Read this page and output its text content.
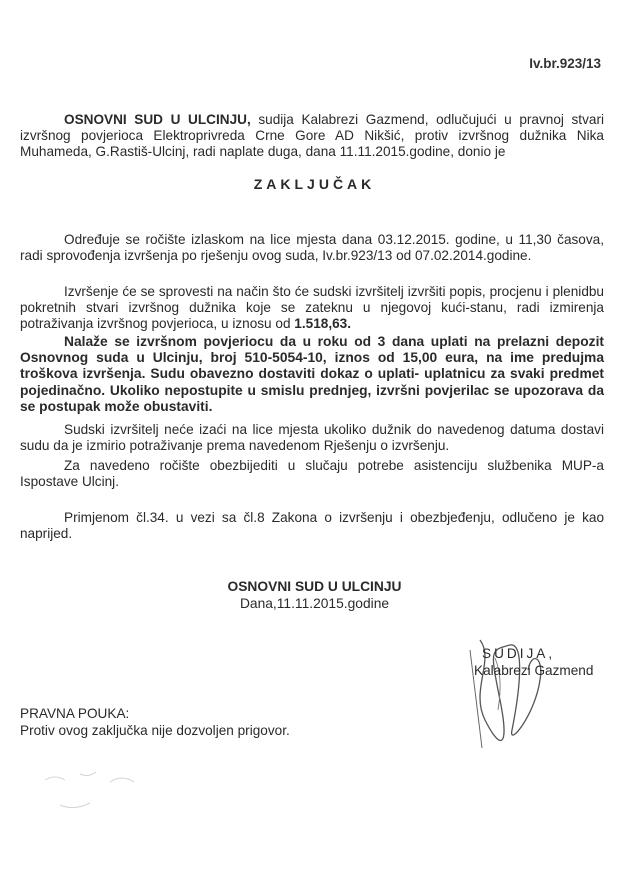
Iv.br.923/13
OSNOVNI SUD U ULCINJU, sudija Kalabrezi Gazmend, odlučujući u pravnoj stvari izvršnog povjerioca Elektroprivreda Crne Gore AD Nikšić, protiv izvršnog dužnika Nika Muhameda, G.Rastiš-Ulcinj, radi naplate duga, dana 11.11.2015.godine, donio je
ZAKLJUČAK
Određuje se ročište izlaskom na lice mjesta dana 03.12.2015. godine, u 11,30 časova, radi sprovođenja izvršenja po rješenju ovog suda, Iv.br.923/13 od 07.02.2014.godine.
Izvršenje će se sprovesti na način što će sudski izvršitelj izvršiti popis, procjenu i plenidbu pokretnih stvari izvršnog dužnika koje se zateknu u njegovoj kući-stanu, radi izmirenja potraživanja izvršnog povjerioca, u iznosu od 1.518,63.
Nalaže se izvršnom povjeriocu da u roku od 3 dana uplati na prelazni depozit Osnovnog suda u Ulcinju, broj 510-5054-10, iznos od 15,00 eura, na ime predujma troškova izvršenja. Sudu obavezno dostaviti dokaz o uplati- uplatnicu za svaki predmet pojedinačno. Ukoliko nepostupite u smislu prednjeg, izvršni povjerilac se upozorava da se postupak može obustaviti.
Sudski izvršitelj neće izaći na lice mjesta ukoliko dužnik do navedenog datuma dostavi sudu da je izmirio potraživanje prema navedenom Rješenju o izvršenju.
Za navedeno ročište obezbijediti u slučaju potrebe asistenciju službenika MUP-a Ispostave Ulcinj.
Primjenom čl.34. u vezi sa čl.8 Zakona o izvršenju i obezbjeđenju, odlučeno je kao naprijed.
OSNOVNI SUD U ULCINJU
Dana,11.11.2015.godine
SUDIJA,
Kalabrezi Gazmend
PRAVNA POUKA:
Protiv ovog zaključka nije dozvoljen prigovor.
